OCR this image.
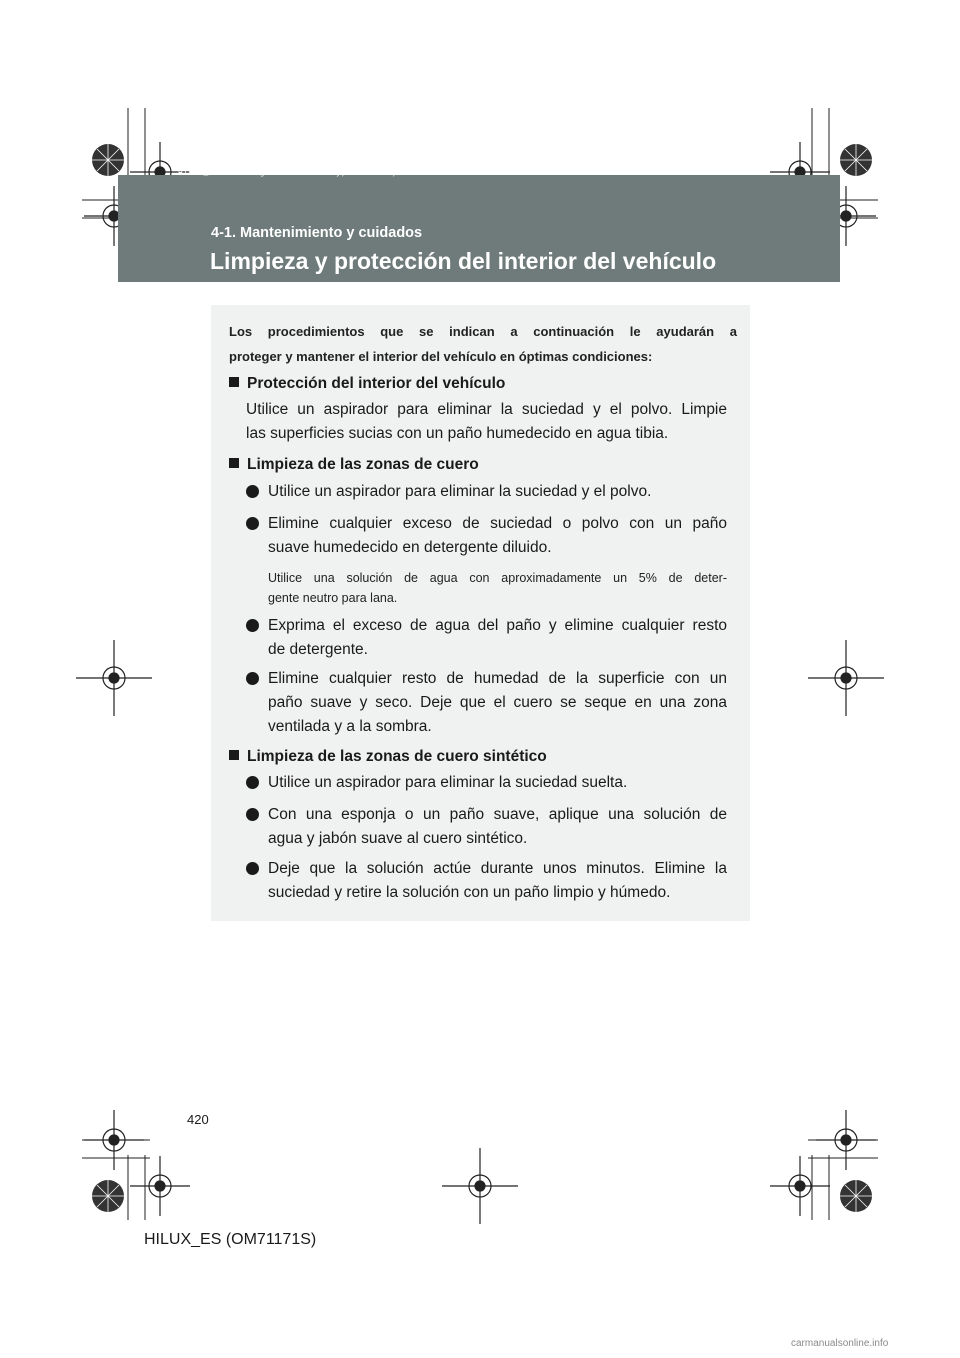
HILUX_ES.book Page 420 Wednesday, March 23, 2011 4:15 PM
4-1. Mantenimiento y cuidados
Limpieza y protección del interior del vehículo
Los procedimientos que se indican a continuación le ayudarán a
proteger y mantener el interior del vehículo en óptimas condiciones:
Protección del interior del vehículo
Utilice un aspirador para eliminar la suciedad y el polvo. Limpie
las superficies sucias con un paño humedecido en agua tibia.
Limpieza de las zonas de cuero
Utilice un aspirador para eliminar la suciedad y el polvo.
Elimine cualquier exceso de suciedad o polvo con un paño
suave humedecido en detergente diluido.
Utilice una solución de agua con aproximadamente un 5% de deter-
gente neutro para lana.
Exprima el exceso de agua del paño y elimine cualquier resto
de detergente.
Elimine cualquier resto de humedad de la superficie con un
paño suave y seco. Deje que el cuero se seque en una zona
ventilada y a la sombra.
Limpieza de las zonas de cuero sintético
Utilice un aspirador para eliminar la suciedad suelta.
Con una esponja o un paño suave, aplique una solución de
agua y jabón suave al cuero sintético.
Deje que la solución actúe durante unos minutos. Elimine la
suciedad y retire la solución con un paño limpio y húmedo.
420
HILUX_ES (OM71171S)
carmanualsonline.info
